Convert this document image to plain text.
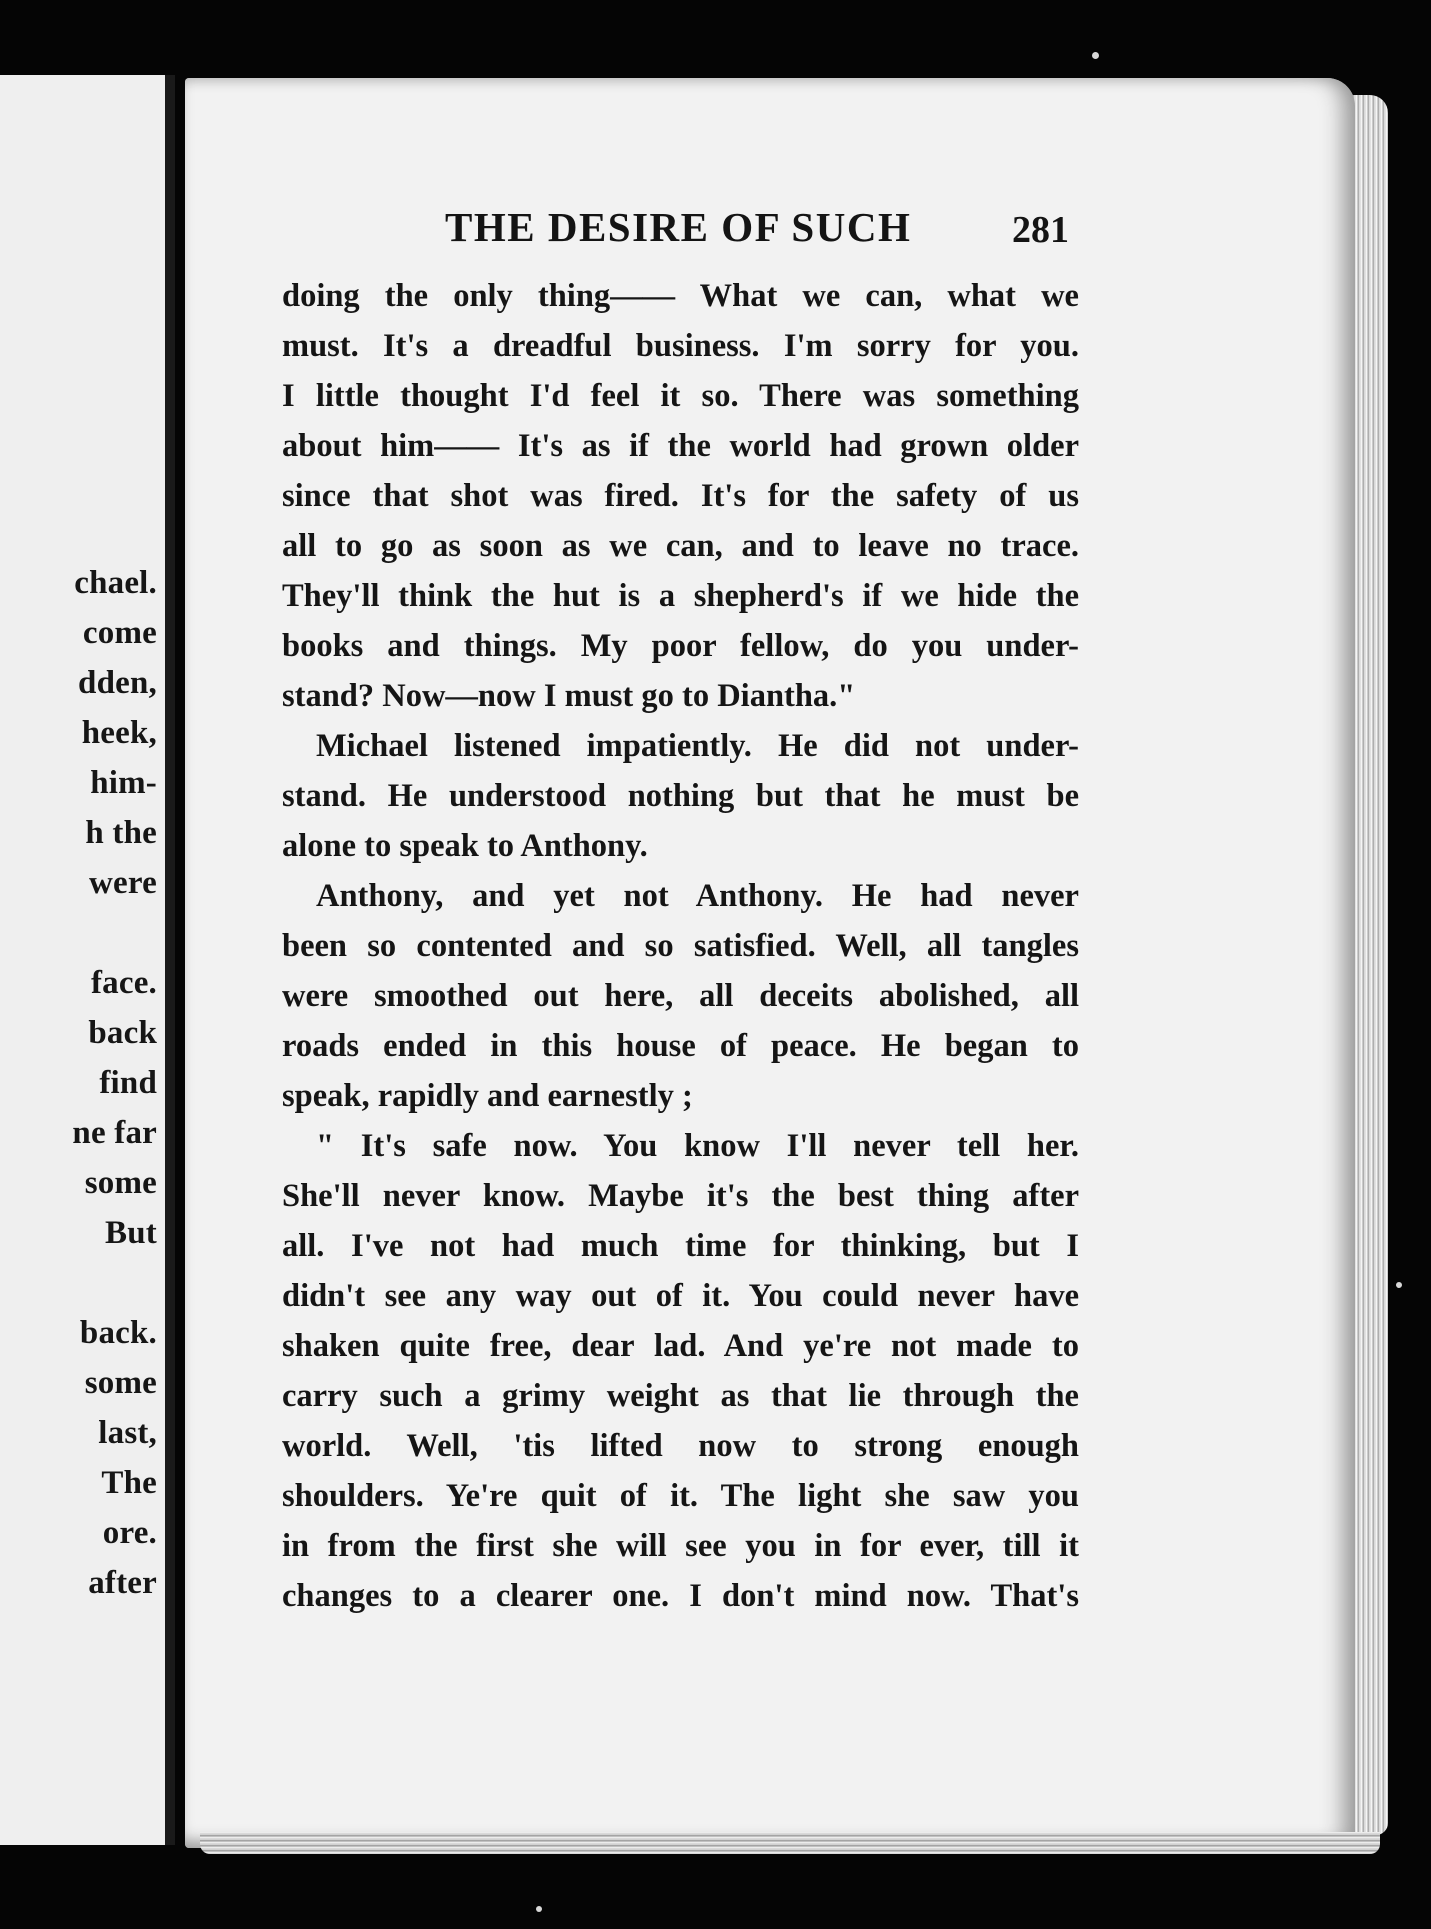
chael.
come
dden,
heek,
him-
h the
were
face.
back
find
ne far
some
But
back.
some
last,
The
ore.
after
THE DESIRE OF SUCH	281
doing the only thing—— What we can, what we
must. It's a dreadful business. I'm sorry for you.
I little thought I'd feel it so. There was something
about him—— It's as if the world had grown older
since that shot was fired. It's for the safety of us
all to go as soon as we can, and to leave no trace.
They'll think the hut is a shepherd's if we hide the
books and things. My poor fellow, do you under-
stand? Now—now I must go to Diantha."
Michael listened impatiently. He did not under-
stand. He understood nothing but that he must be
alone to speak to Anthony.
Anthony, and yet not Anthony. He had never
been so contented and so satisfied. Well, all tangles
were smoothed out here, all deceits abolished, all
roads ended in this house of peace. He began to
speak, rapidly and earnestly ;
" It's safe now. You know I'll never tell her.
She'll never know. Maybe it's the best thing after
all. I've not had much time for thinking, but I
didn't see any way out of it. You could never have
shaken quite free, dear lad. And ye're not made to
carry such a grimy weight as that lie through the
world. Well, 'tis lifted now to strong enough
shoulders. Ye're quit of it. The light she saw you
in from the first she will see you in for ever, till it
changes to a clearer one. I don't mind now. That's
